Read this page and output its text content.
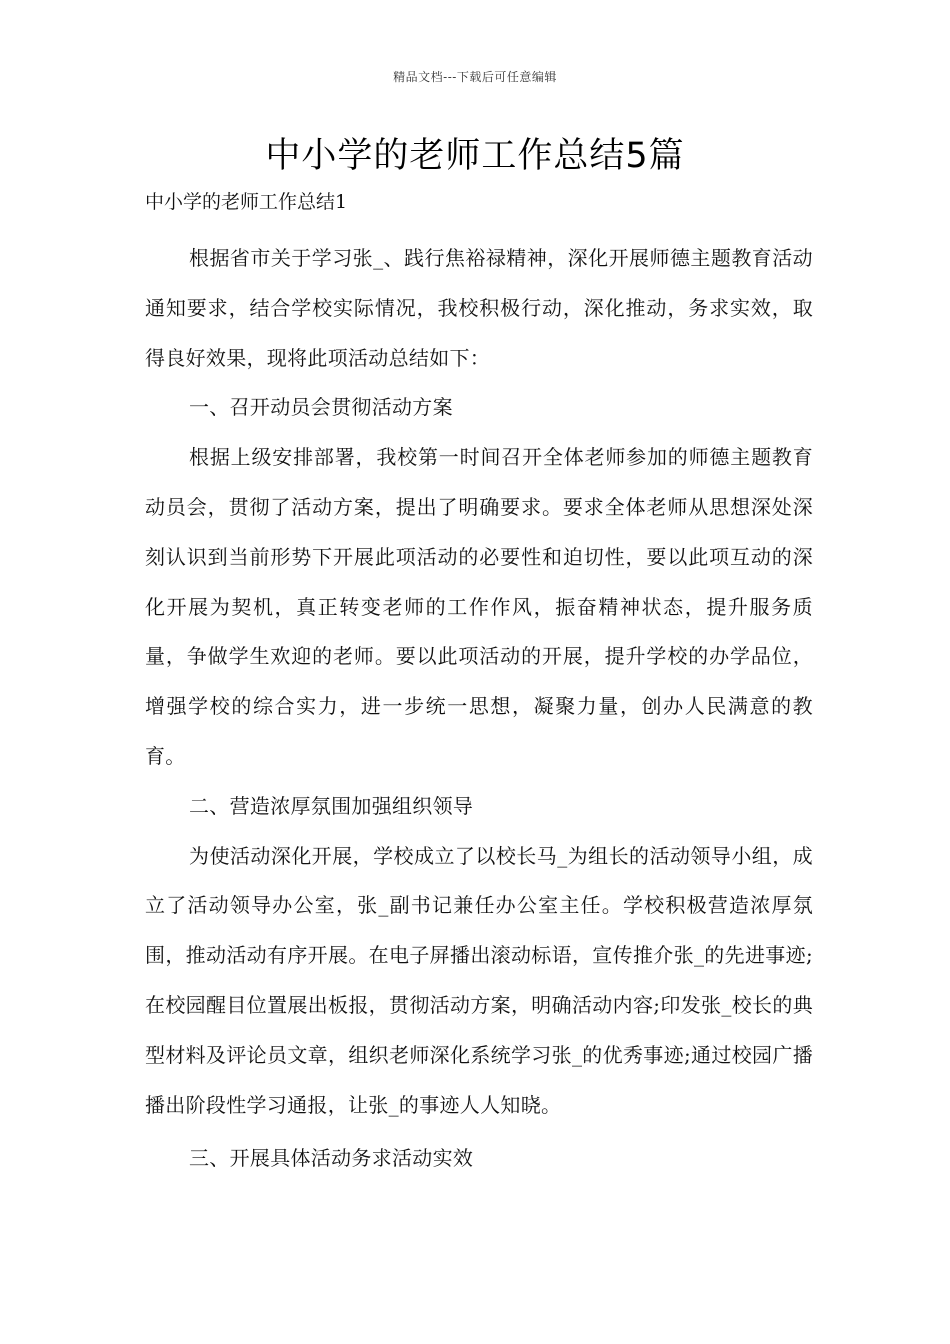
精品文档---下载后可任意编辑
中小学的老师工作总结5篇
中小学的老师工作总结1

根据省市关于学习张_、践行焦裕禄精神，深化开展师德主题教育活动通知要求，结合学校实际情况，我校积极行动，深化推动，务求实效，取得良好效果，现将此项活动总结如下：

一、召开动员会贯彻活动方案

根据上级安排部署，我校第一时间召开全体老师参加的师德主题教育动员会，贯彻了活动方案，提出了明确要求。要求全体老师从思想深处深刻认识到当前形势下开展此项活动的必要性和迫切性，要以此项互动的深化开展为契机，真正转变老师的工作作风，振奋精神状态，提升服务质量，争做学生欢迎的老师。要以此项活动的开展，提升学校的办学品位，增强学校的综合实力，进一步统一思想，凝聚力量，创办人民满意的教育。

二、营造浓厚氛围加强组织领导

为使活动深化开展，学校成立了以校长马_为组长的活动领导小组，成立了活动领导办公室，张_副书记兼任办公室主任。学校积极营造浓厚氛围，推动活动有序开展。在电子屏播出滚动标语，宣传推介张_的先进事迹;在校园醒目位置展出板报，贯彻活动方案，明确活动内容;印发张_校长的典型材料及评论员文章，组织老师深化系统学习张_的优秀事迹;通过校园广播播出阶段性学习通报，让张_的事迹人人知晓。

三、开展具体活动务求活动实效
